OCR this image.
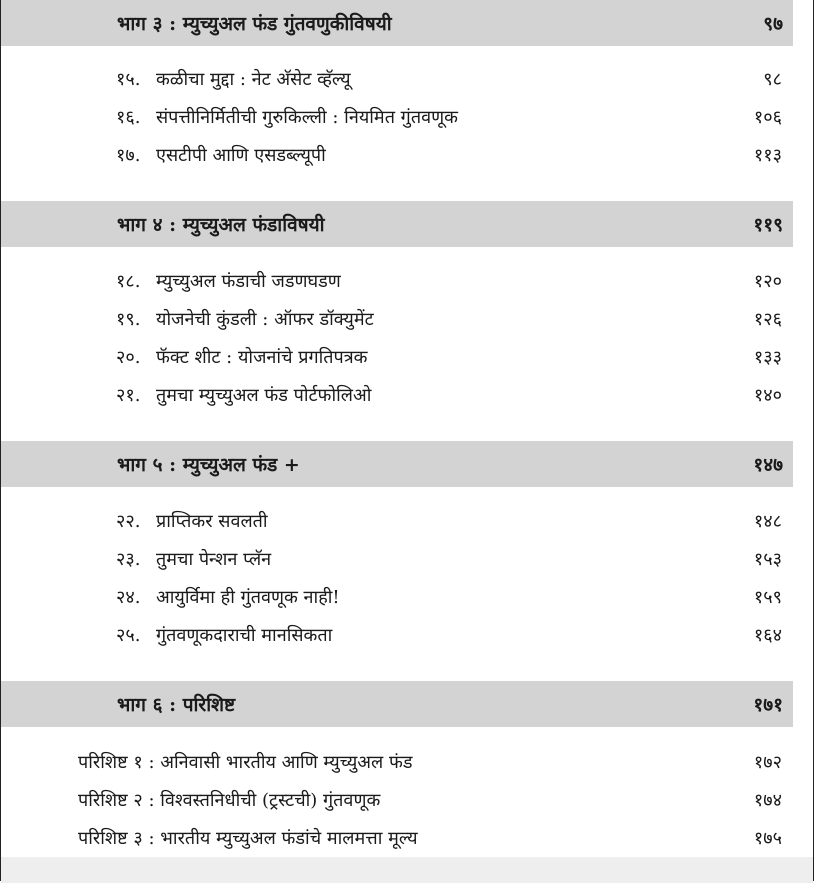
भाग ३ : म्युच्युअल फंड गुंतवणुकीविषयी	९७
१५. कळीचा मुद्दा : नेट अ‍ॅसेट व्हॅल्यू	९८
१६. संपत्तीनिर्मितीची गुरुकिल्ली : नियमित गुंतवणूक	१०६
१७. एसटीपी आणि एसडब्ल्यूपी	११३
भाग ४ : म्युच्युअल फंडाविषयी	११९
१८. म्युच्युअल फंडाची जडणघडण	१२०
१९. योजनेची कुंडली : ऑफर डॉक्युमेंट	१२६
२०. फॅक्ट शीट : योजनांचे प्रगतिपत्रक	१३३
२१. तुमचा म्युच्युअल फंड पोर्टफोलिओ	१४०
भाग ५ : म्युच्युअल फंड +	१४७
२२. प्राप्तिकर सवलती	१४८
२३. तुमचा पेन्शन प्लॅन	१५३
२४. आयुर्विमा ही गुंतवणूक नाही!	१५९
२५. गुंतवणूकदाराची मानसिकता	१६४
भाग ६ : परिशिष्ट	१७१
परिशिष्ट १ : अनिवासी भारतीय आणि म्युच्युअल फंड	१७२
परिशिष्ट २ : विश्वस्तनिधीची (ट्रस्टची) गुंतवणूक	१७४
परिशिष्ट ३ : भारतीय म्युच्युअल फंडांचे मालमत्ता मूल्य	१७५
